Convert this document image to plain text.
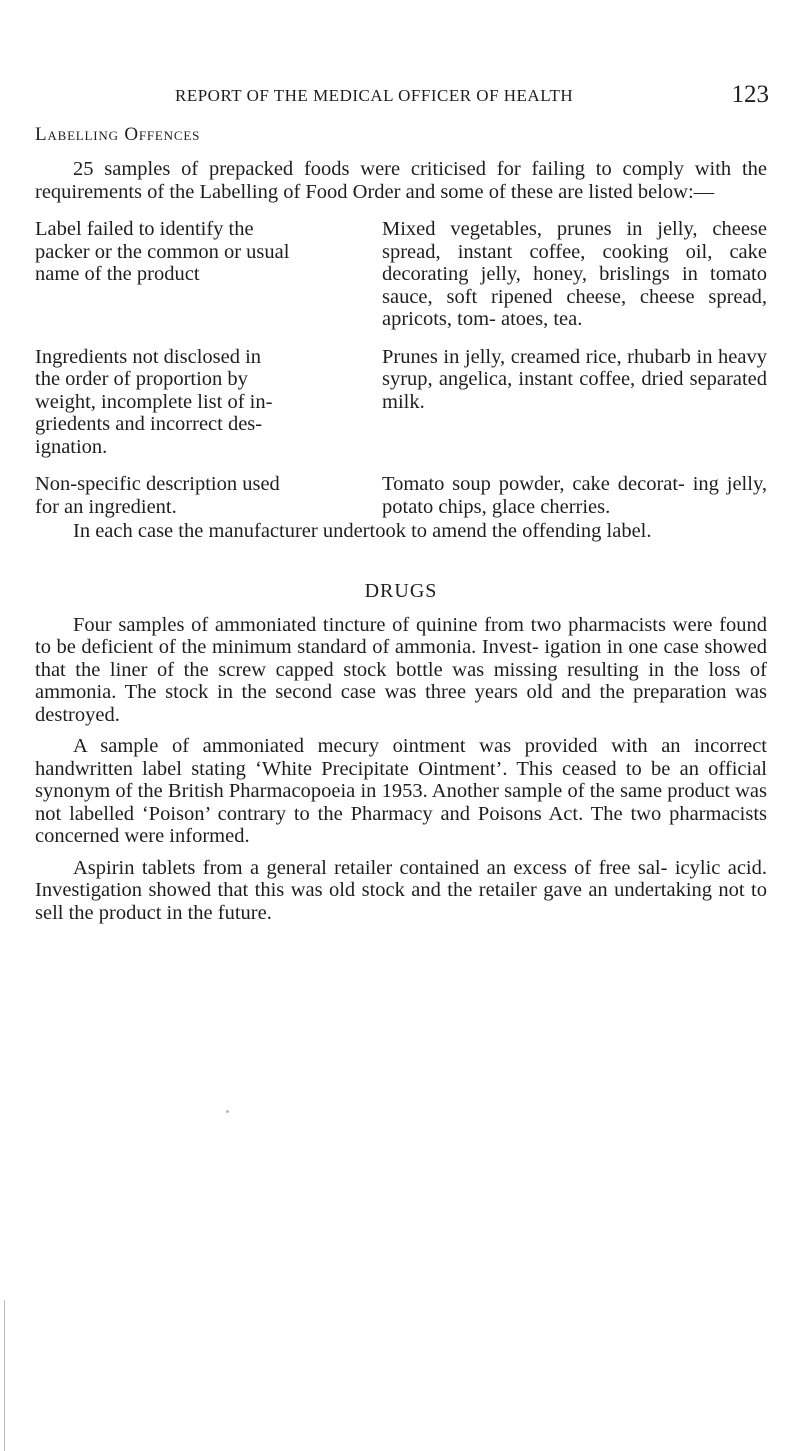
REPORT OF THE MEDICAL OFFICER OF HEALTH	123
Labelling Offences

25 samples of prepacked foods were criticised for failing to comply with the requirements of the Labelling of Food Order and some of these are listed below:—

Label failed to identify the packer or the common or usual name of the product
Mixed vegetables, prunes in jelly, cheese spread, instant coffee, cooking oil, cake decorating jelly, honey, brislings in tomato sauce, soft ripened cheese, cheese spread, apricots, tom- atoes, tea.
Ingredients not disclosed in the order of proportion by weight, incomplete list of in- griedents and incorrect des- ignation.
Prunes in jelly, creamed rice, rhubarb in heavy syrup, angelica, instant coffee, dried separated milk.
Non-specific description used for an ingredient.
Tomato soup powder, cake decorat- ing jelly, potato chips, glace cherries.

In each case the manufacturer undertook to amend the offending label.

DRUGS

Four samples of ammoniated tincture of quinine from two pharmacists were found to be deficient of the minimum standard of ammonia. Invest- igation in one case showed that the liner of the screw capped stock bottle was missing resulting in the loss of ammonia. The stock in the second case was three years old and the preparation was destroyed.

A sample of ammoniated mecury ointment was provided with an incorrect handwritten label stating ‘White Precipitate Ointment’. This ceased to be an official synonym of the British Pharmacopoeia in 1953. Another sample of the same product was not labelled ‘Poison’ contrary to the Pharmacy and Poisons Act. The two pharmacists concerned were informed.

Aspirin tablets from a general retailer contained an excess of free sal- icylic acid. Investigation showed that this was old stock and the retailer gave an undertaking not to sell the product in the future.
